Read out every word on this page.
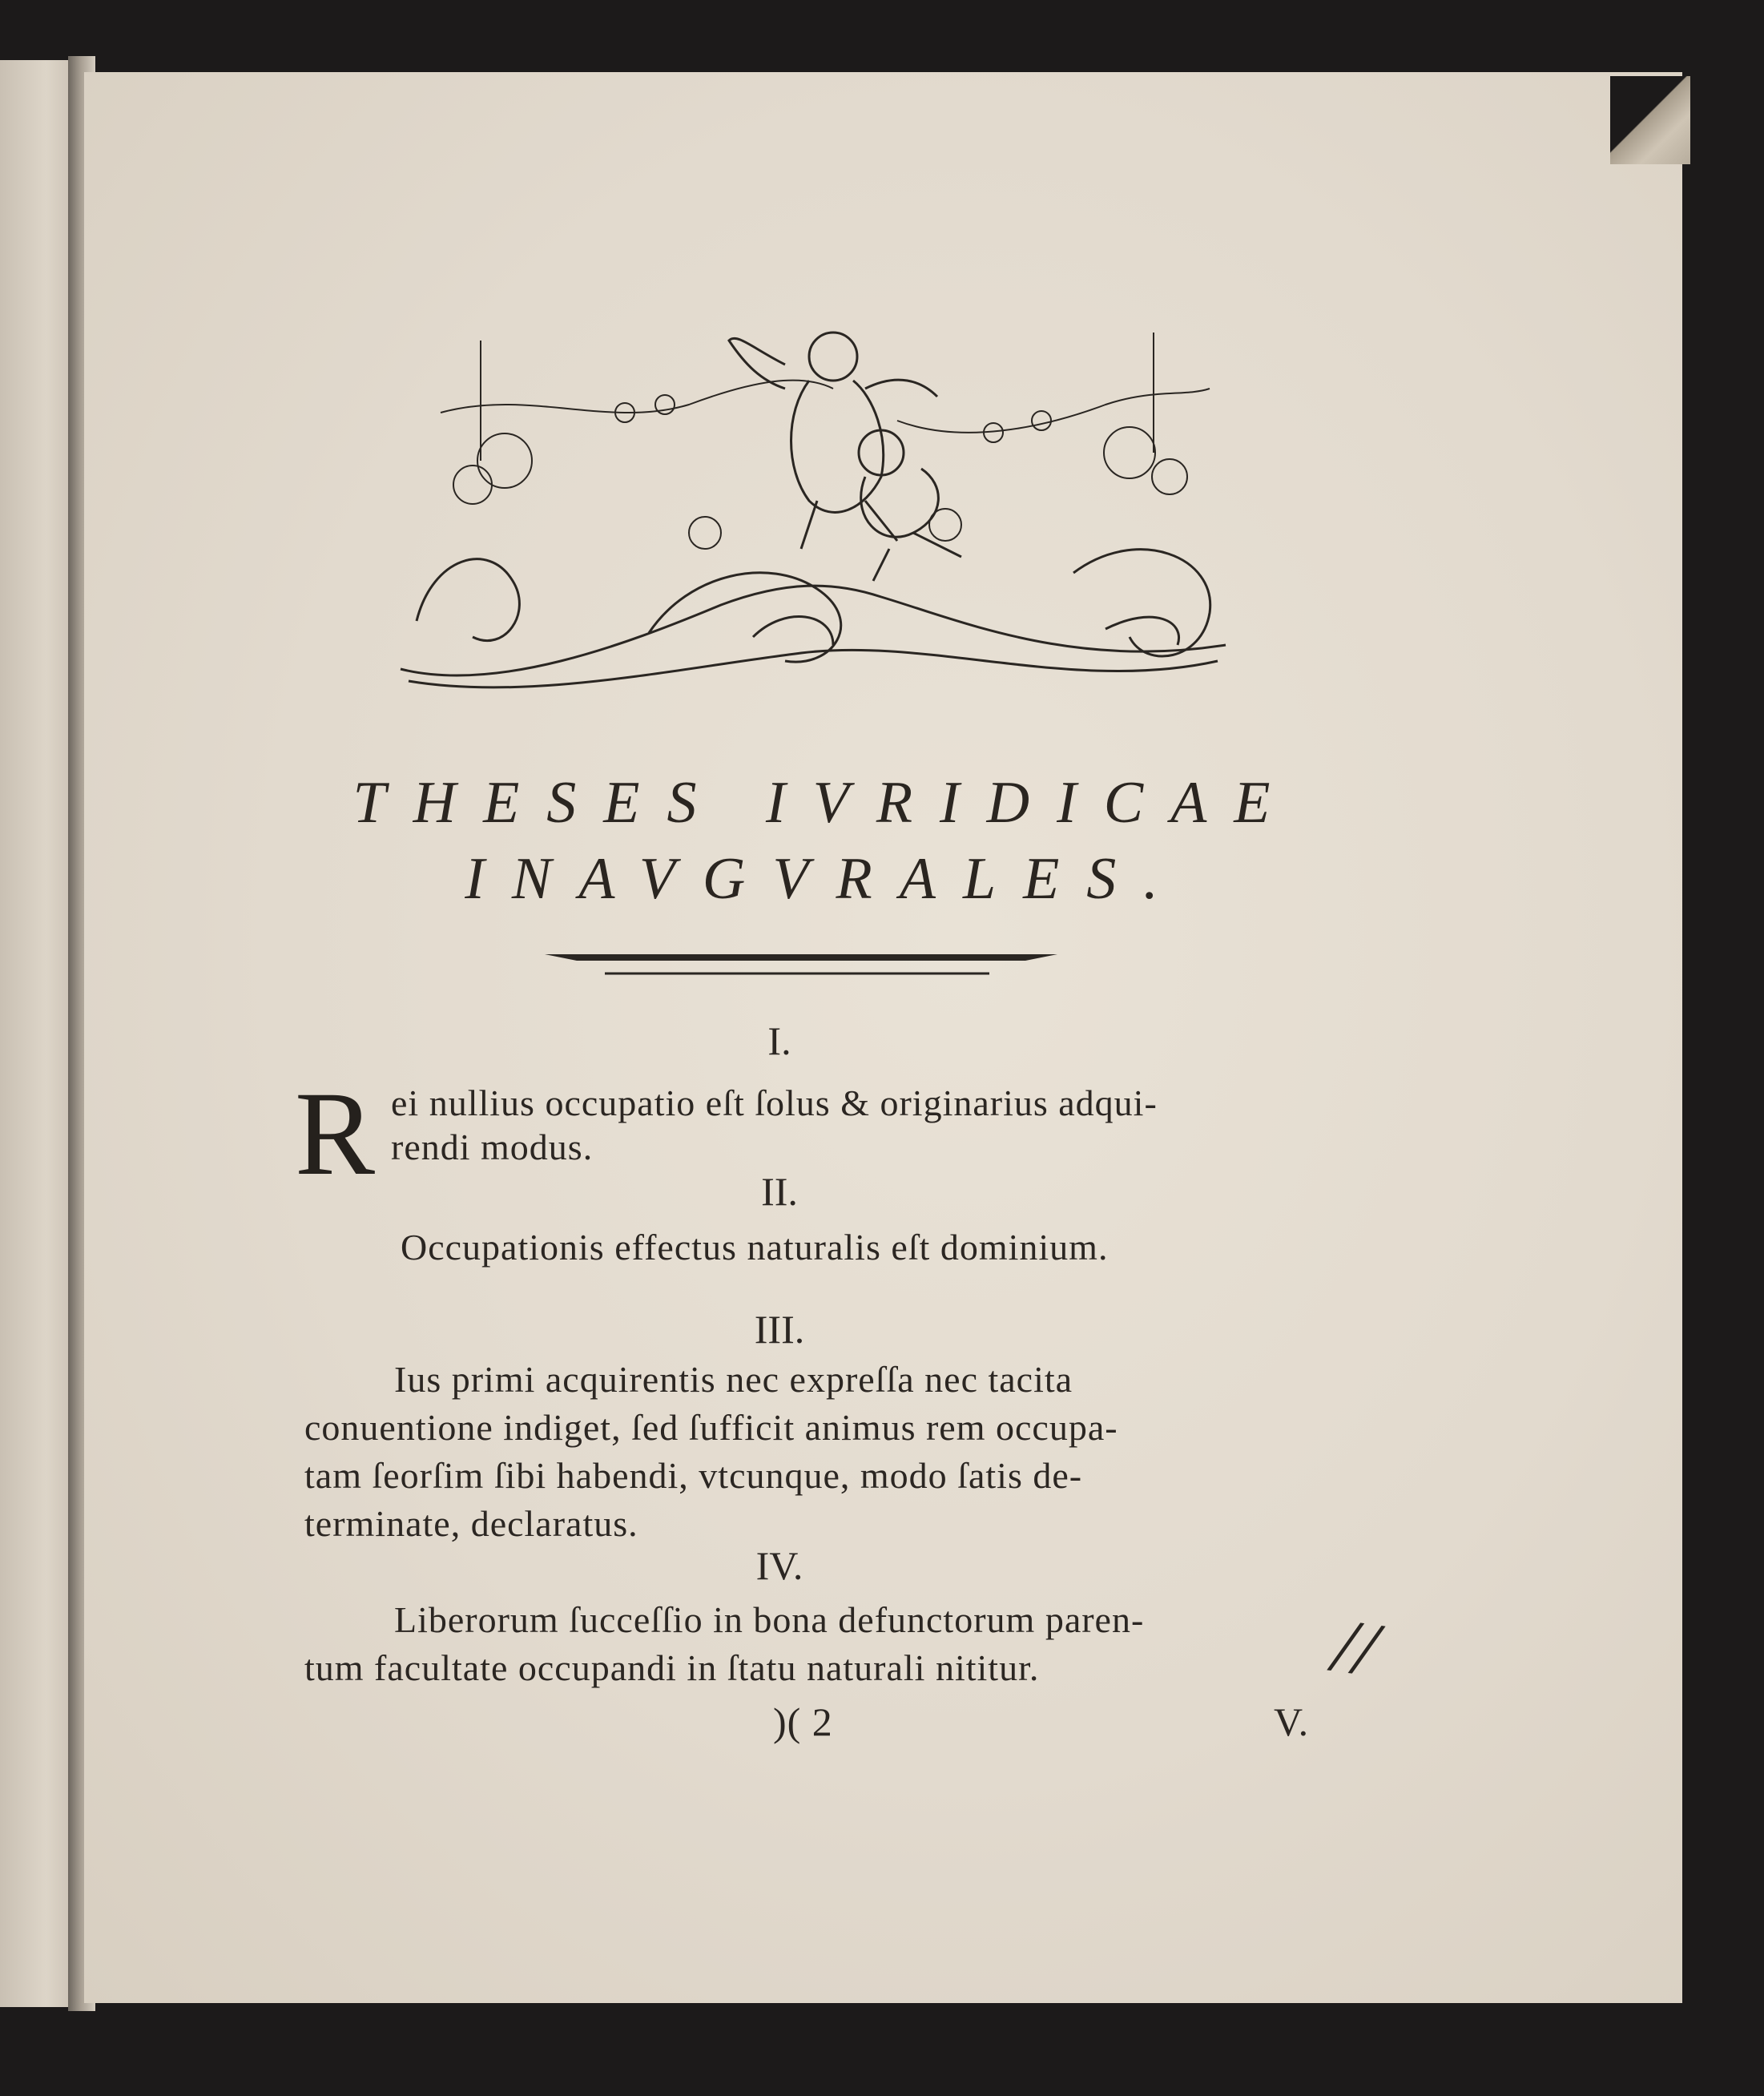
THESES IVRIDICAE
INAVGVRALES.
I.
R ei nullius occupatio eſt ſolus & originarius adqui-
rendi modus.
II.
Occupationis effectus naturalis eſt dominium.
III.
Ius primi acquirentis nec expreſſa nec tacita
conuentione indiget, ſed ſufficit animus rem occupa-
tam ſeorſim ſibi habendi, vtcunque, modo ſatis de-
terminate, declaratus.
IV.
Liberorum ſucceſſio in bona defunctorum paren-
tum facultate occupandi in ſtatu naturali nititur.
)( 2	V.
//
